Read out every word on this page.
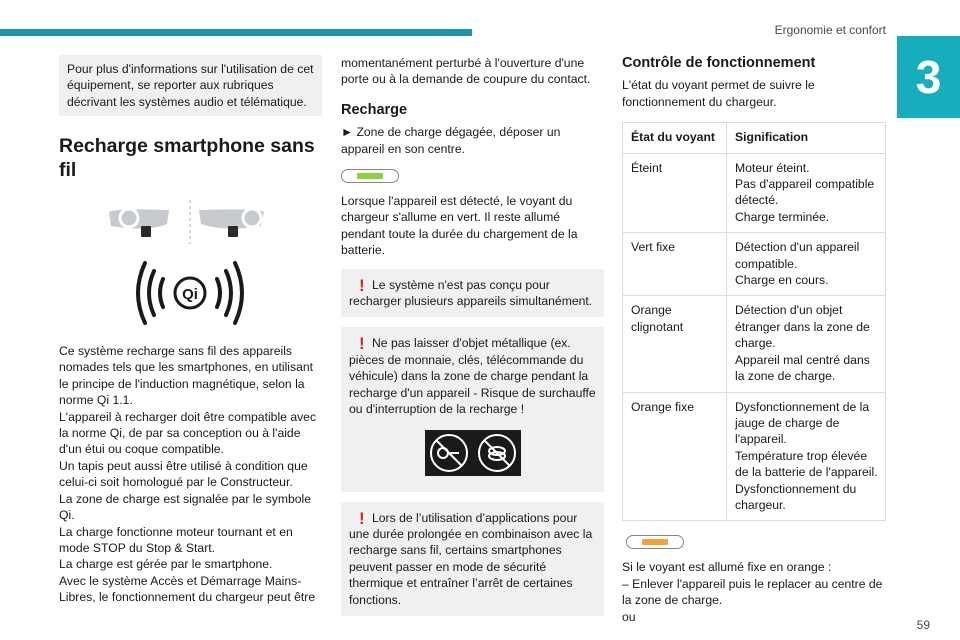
Ergonomie et confort
3
59

Pour plus d'informations sur l'utilisation de cet équipement, se reporter aux rubriques décrivant les systèmes audio et télématique.

Recharge smartphone sans fil

Qi

Ce système recharge sans fil des appareils nomades tels que les smartphones, en utilisant le principe de l'induction magnétique, selon la norme Qi 1.1.
L'appareil à recharger doit être compatible avec la norme Qi, de par sa conception ou à l'aide d'un étui ou coque compatible.
Un tapis peut aussi être utilisé à condition que celui-ci soit homologué par le Constructeur.
La zone de charge est signalée par le symbole Qi.
La charge fonctionne moteur tournant et en mode STOP du Stop & Start.
La charge est gérée par le smartphone.
Avec le système Accès et Démarrage Mains-Libres, le fonctionnement du chargeur peut être

momentanément perturbé à l'ouverture d'une porte ou à la demande de coupure du contact.

Recharge

► Zone de charge dégagée, déposer un appareil en son centre.

Lorsque l'appareil est détecté, le voyant du chargeur s'allume en vert. Il reste allumé pendant toute la durée du chargement de la batterie.

! Le système n'est pas conçu pour recharger plusieurs appareils simultanément.

! Ne pas laisser d'objet métallique (ex. pièces de monnaie, clés, télécommande du véhicule) dans la zone de charge pendant la recharge d'un appareil - Risque de surchauffe ou d'interruption de la recharge !

! Lors de l’utilisation d’applications pour une durée prolongée en combinaison avec la recharge sans fil, certains smartphones peuvent passer en mode de sécurité thermique et entraîner l’arrêt de certaines fonctions.

Contrôle de fonctionnement

L'état du voyant permet de suivre le fonctionnement du chargeur.

État du voyant	Signification

Éteint	Moteur éteint.
Pas d'appareil compatible détecté.
Charge terminée.

Vert fixe	Détection d'un appareil compatible.
Charge en cours.

Orange clignotant	Détection d'un objet étranger dans la zone de charge.
Appareil mal centré dans la zone de charge.

Orange fixe	Dysfonctionnement de la jauge de charge de l'appareil.
Température trop élevée de la batterie de l'appareil.
Dysfonctionnement du chargeur.

Si le voyant est allumé fixe en orange :
– Enlever l'appareil puis le replacer au centre de la zone de charge.
ou
